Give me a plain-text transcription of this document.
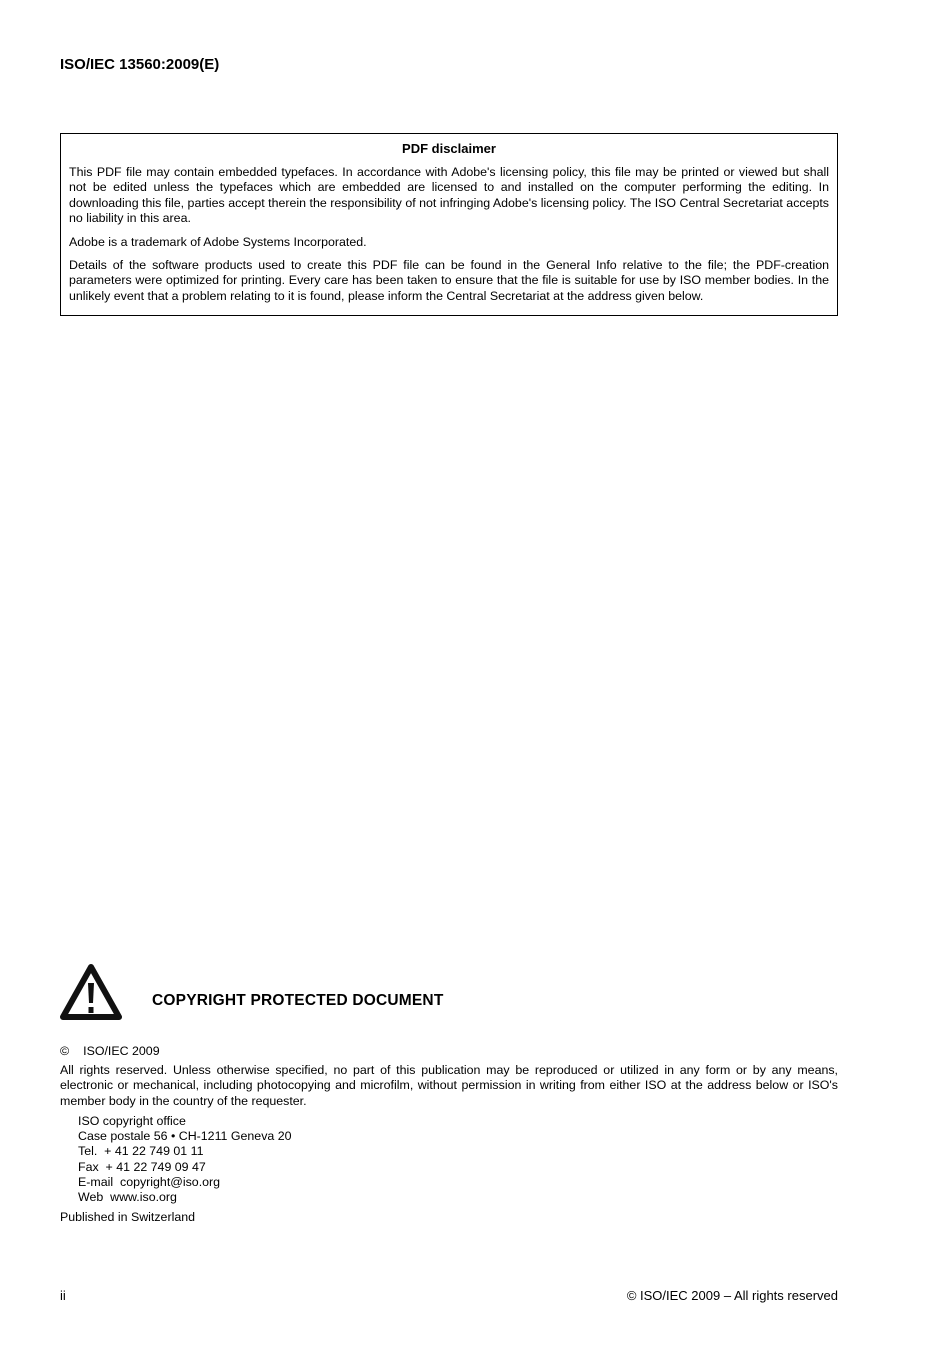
ISO/IEC 13560:2009(E)
PDF disclaimer

This PDF file may contain embedded typefaces. In accordance with Adobe's licensing policy, this file may be printed or viewed but shall not be edited unless the typefaces which are embedded are licensed to and installed on the computer performing the editing. In downloading this file, parties accept therein the responsibility of not infringing Adobe's licensing policy. The ISO Central Secretariat accepts no liability in this area.

Adobe is a trademark of Adobe Systems Incorporated.

Details of the software products used to create this PDF file can be found in the General Info relative to the file; the PDF-creation parameters were optimized for printing. Every care has been taken to ensure that the file is suitable for use by ISO member bodies. In the unlikely event that a problem relating to it is found, please inform the Central Secretariat at the address given below.

COPYRIGHT PROTECTED DOCUMENT
© ISO/IEC 2009

All rights reserved. Unless otherwise specified, no part of this publication may be reproduced or utilized in any form or by any means, electronic or mechanical, including photocopying and microfilm, without permission in writing from either ISO at the address below or ISO's member body in the country of the requester.

ISO copyright office
Case postale 56 • CH-1211 Geneva 20
Tel.  + 41 22 749 01 11
Fax  + 41 22 749 09 47
E-mail  copyright@iso.org
Web  www.iso.org
Published in Switzerland
ii	© ISO/IEC 2009 – All rights reserved
